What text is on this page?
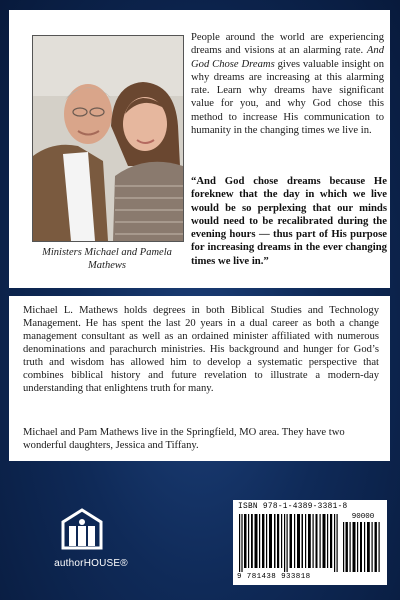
Ministers Michael and Pamela Mathews
People around the world are experiencing dreams and visions at an alarming rate. And God Chose Dreams gives valuable insight on why dreams are increasing at this alarming rate. Learn why dreams have significant value for you, and why God chose this method to increase His communication to humanity in the changing times we live in.
“And God chose dreams because He foreknew that the day in which we live would be so perplexing that our minds would need to be recalibrated during the evening hours — thus part of His purpose for increasing dreams in the ever changing times we live in.”
Michael L. Mathews holds degrees in both Biblical Studies and Technology Management. He has spent the last 20 years in a dual career as both a change management consultant as well as an ordained minister affiliated with numerous denominations and parachurch ministries. His background and hunger for God’s truth and wisdom has allowed him to develop a systematic perspective that combines biblical history and future revelation to illustrate a modern-day understanding that enlightens truth for many.
Michael and Pam Mathews live in the Springfield, MO area. They have two wonderful daughters, Jessica and Tiffany.
authorHOUSE®
ISBN 978-1-4389-3381-8
90000
9 781438 933818
